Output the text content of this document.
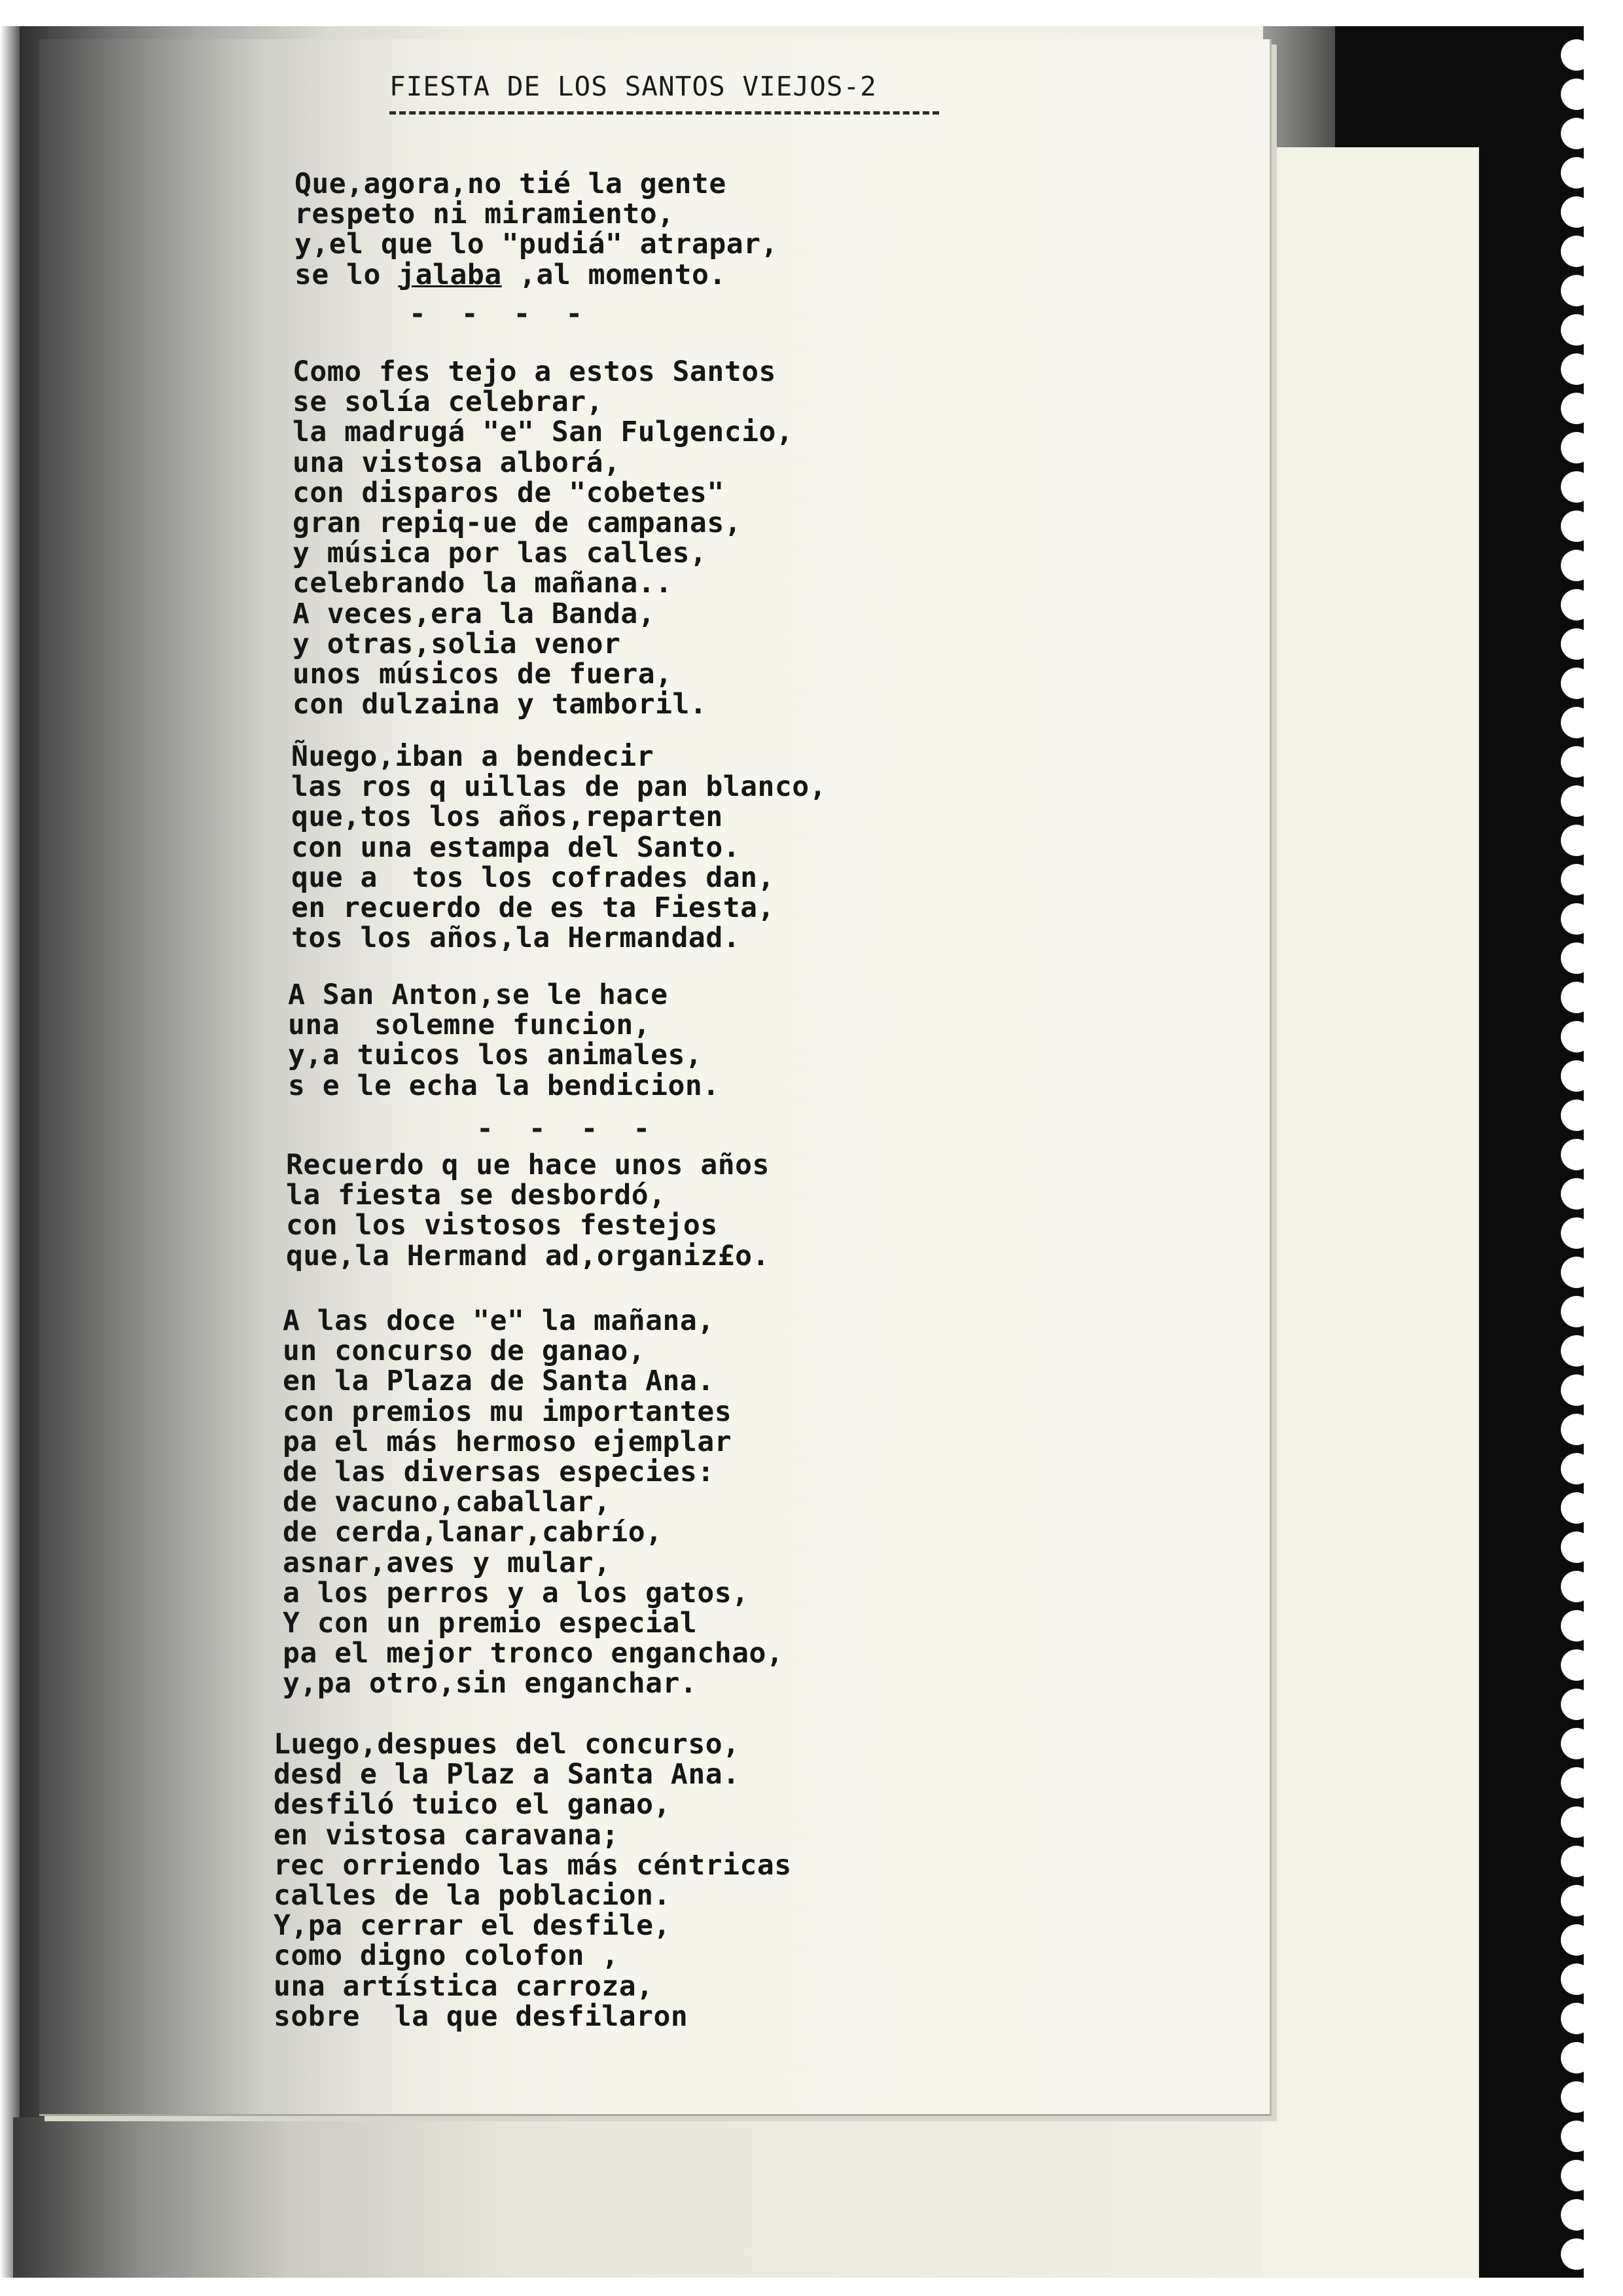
FIESTA DE LOS SANTOS VIEJOS-2
Que,agora,no tié la gente
respeto ni miramiento,
y,el que lo "pudiá" atrapar,
se lo jalaba ,al momento.
Como fes tejo a estos Santos
se solía celebrar,
la madrugá "e" San Fulgencio,
una vistosa alborá,
con disparos de "cobetes"
gran repiq-ue de campanas,
y música por las calles,
celebrando la mañana..
A veces,era la Banda,
y otras,solia venor
unos músicos de fuera,
con dulzaina y tamboril.
Ñuego,iban a bendecir
las ros q uillas de pan blanco,
que,tos los años,reparten
con una estampa del Santo.
que a  tos los cofrades dan,
en recuerdo de es ta Fiesta,
tos los años,la Hermandad.
A San Anton,se le hace
una  solemne funcion,
y,a tuicos los animales,
s e le echa la bendicion.
Recuerdo q ue hace unos años
la fiesta se desbordó,
con los vistosos festejos
que,la Hermand ad,organiz£o.
A las doce "e" la mañana,
un concurso de ganao,
en la Plaza de Santa Ana.
con premios mu importantes
pa el más hermoso ejemplar
de las diversas especies:
de vacuno,caballar,
de cerda,lanar,cabrío,
asnar,aves y mular,
a los perros y a los gatos,
Y con un premio especial
pa el mejor tronco enganchao,
y,pa otro,sin enganchar.
Luego,despues del concurso,
desd e la Plaz a Santa Ana.
desfiló tuico el ganao,
en vistosa caravana;
rec orriendo las más céntricas
calles de la poblacion.
Y,pa cerrar el desfile,
como digno colofon ,
una artística carroza,
sobre  la que desfilaron
- - - -
- - - -
